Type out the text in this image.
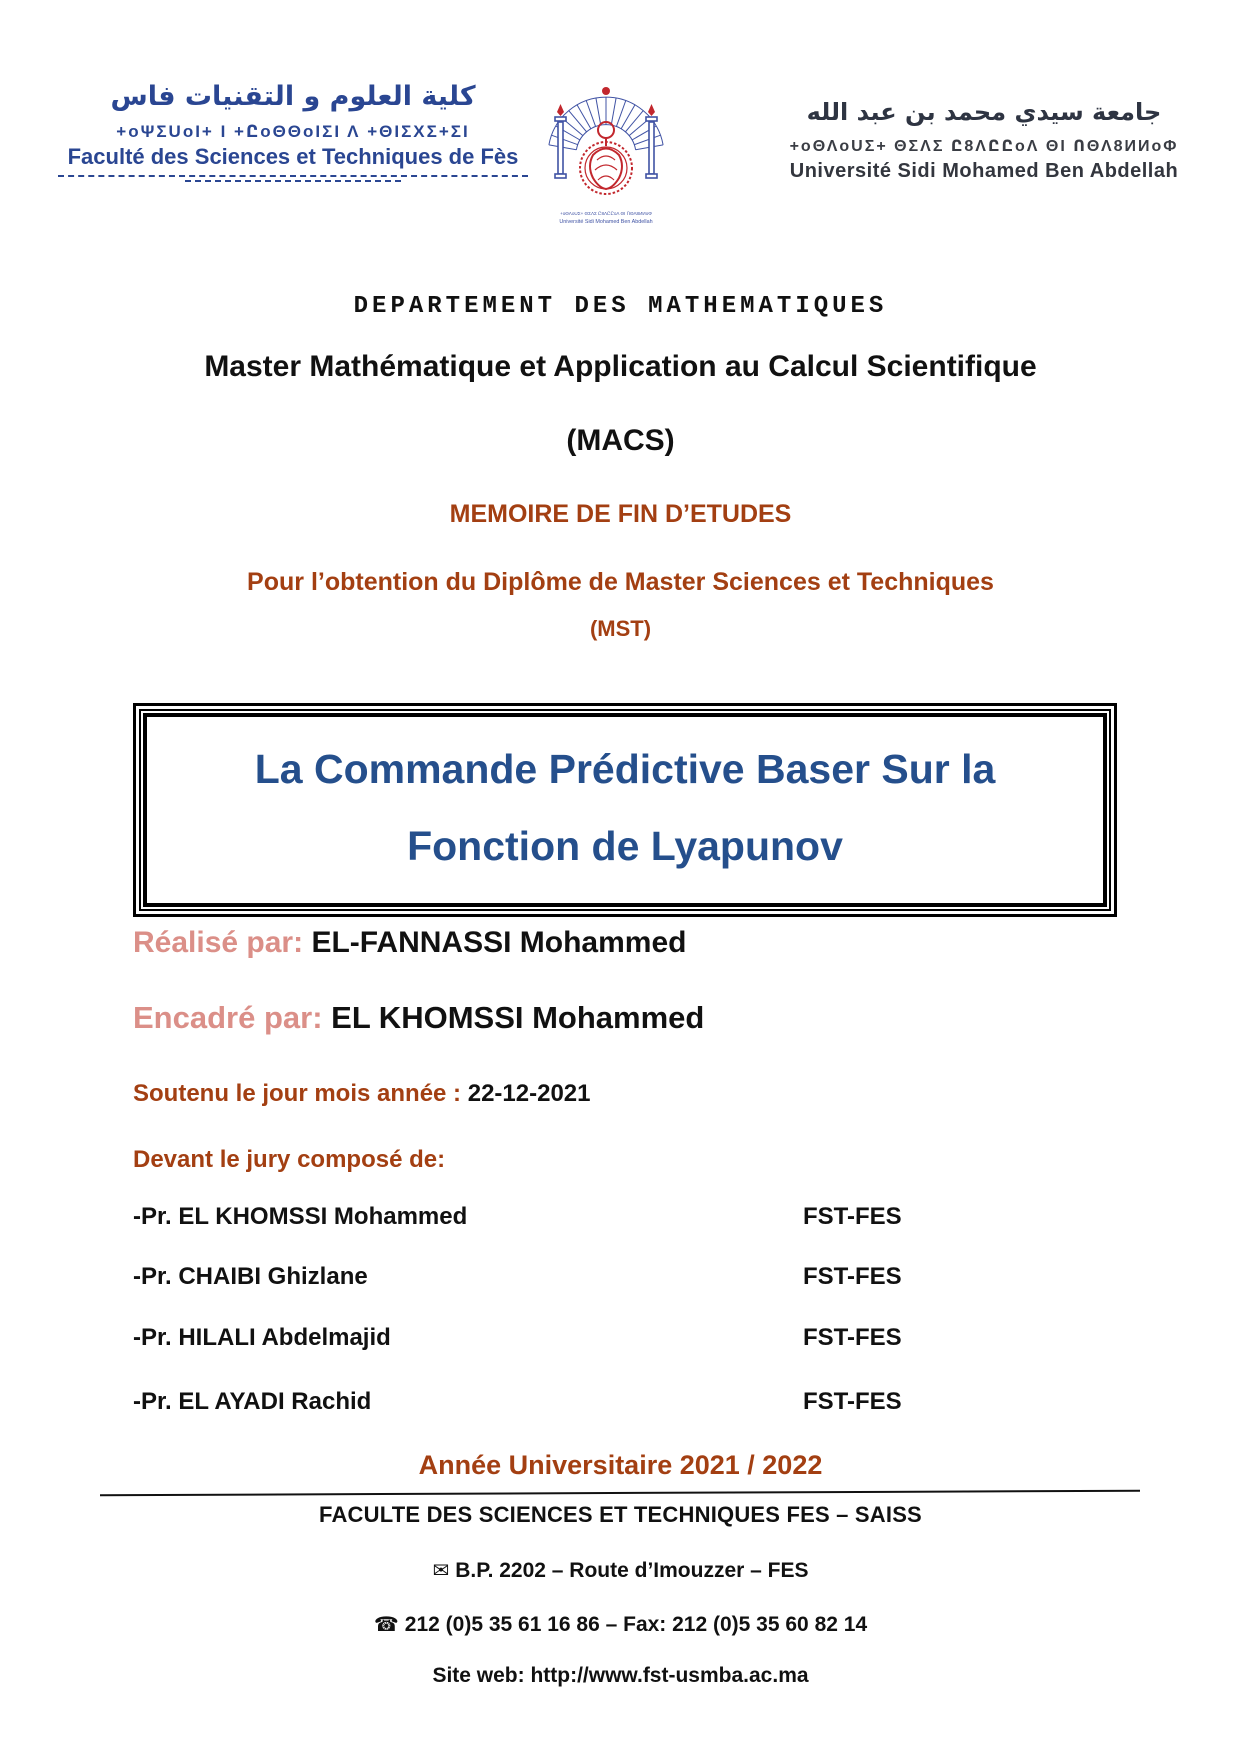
كلية العلوم و التقنيات فاس
+oΨΣUoΙ+ Ι +ԸoΘΘoΙΣΙ Λ +ΘΙΣΧΣ+ΣΙ
Faculté des Sciences et Techniques de Fès
+oΘΛoUΣ+ ΘΣΛΣ Ը8ΛԸԸoΛ ΘΙ ՈΘΛ8ИИoΦ
Université Sidi Mohamed Ben Abdellah
جامعة سيدي محمد بن عبد الله
+oΘΛoUΣ+ ΘΣΛΣ Ը8ΛԸԸoΛ ΘΙ ՈΘΛ8ИИoΦ
Université Sidi Mohamed Ben Abdellah
DEPARTEMENT DES MATHEMATIQUES
Master Mathématique et Application au Calcul Scientifique
(MACS)
MEMOIRE DE FIN D’ETUDES
Pour l’obtention du Diplôme de Master Sciences et Techniques
(MST)
La Commande Prédictive Baser Sur la
Fonction de Lyapunov
Réalisé par: EL-FANNASSI Mohammed
Encadré par: EL KHOMSSI Mohammed
Soutenu le jour mois année : 22-12-2021
Devant le jury composé de:
-Pr. EL KHOMSSI Mohammed	FST-FES
-Pr. CHAIBI Ghizlane	FST-FES
-Pr. HILALI Abdelmajid	FST-FES
-Pr. EL AYADI Rachid	FST-FES
Année Universitaire 2021 / 2022
FACULTE DES SCIENCES ET TECHNIQUES FES – SAISS
✉ B.P. 2202 – Route d’Imouzzer – FES
☎ 212 (0)5 35 61 16 86 – Fax: 212 (0)5 35 60 82 14
Site web: http://www.fst-usmba.ac.ma
